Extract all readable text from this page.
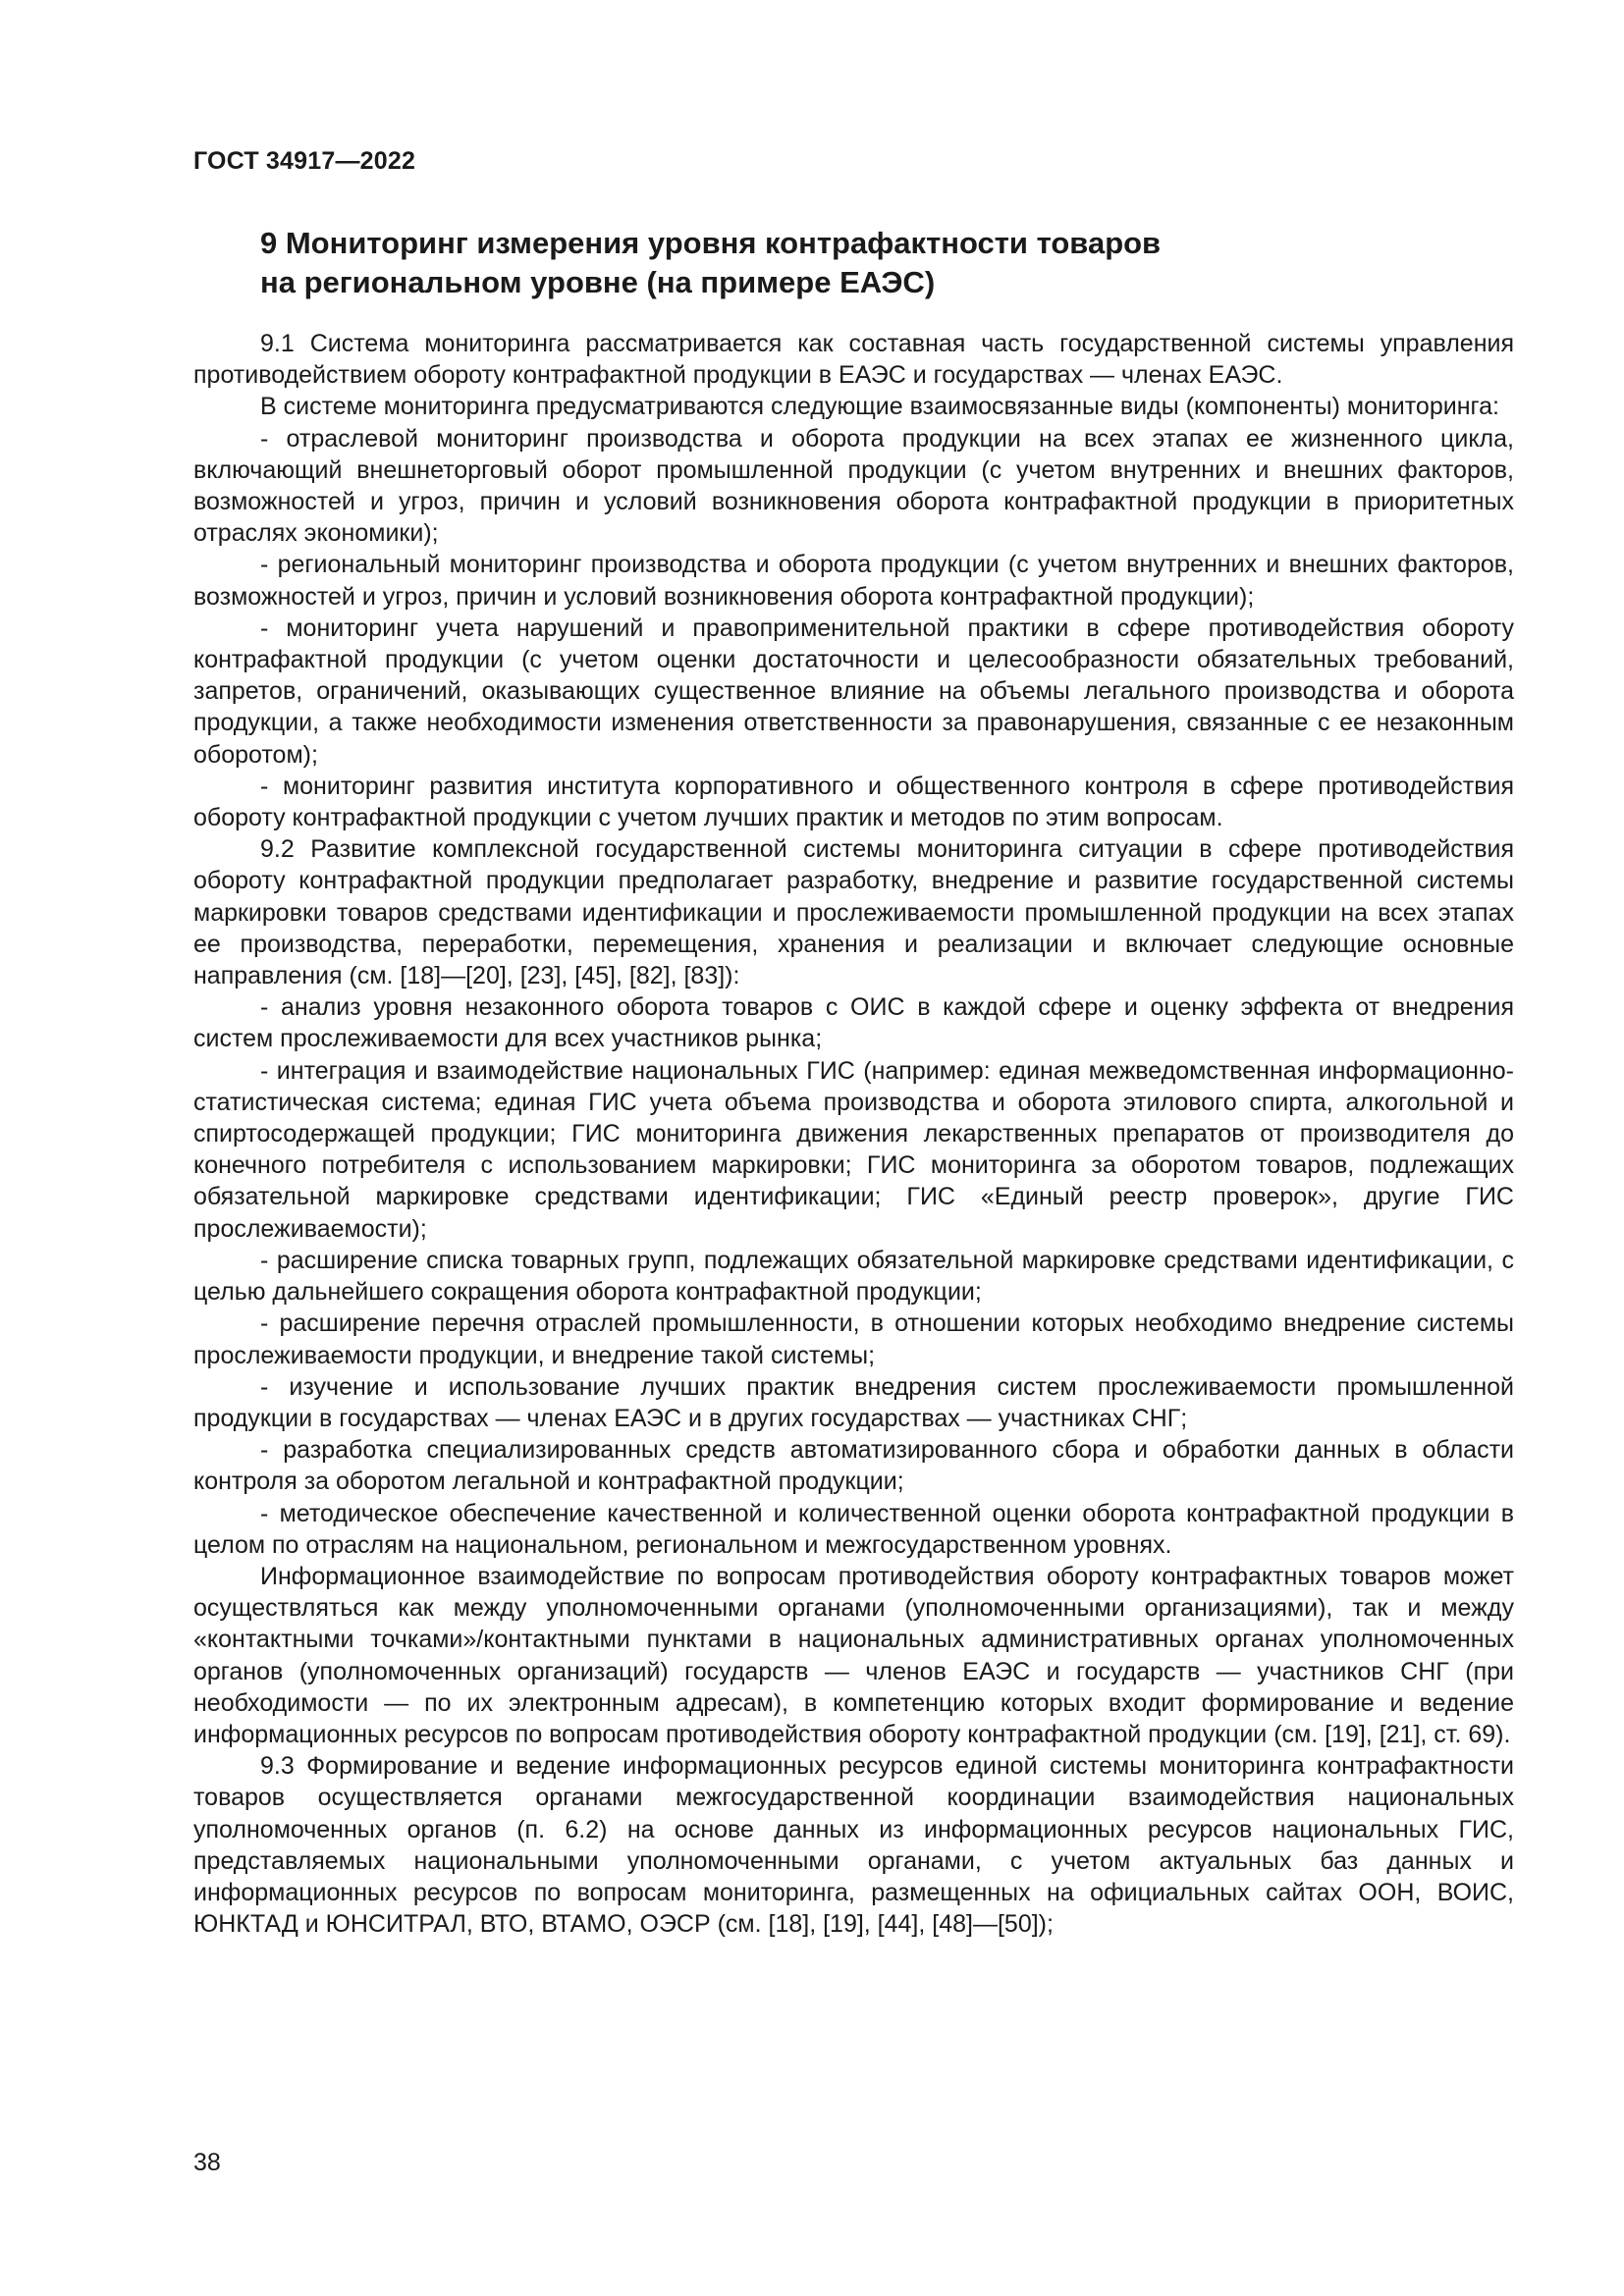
ГОСТ 34917—2022
9 Мониторинг измерения уровня контрафактности товаров
на региональном уровне (на примере ЕАЭС)

9.1 Система мониторинга рассматривается как составная часть государственной системы управления противодействием обороту контрафактной продукции в ЕАЭС и государствах — членах ЕАЭС.

В системе мониторинга предусматриваются следующие взаимосвязанные виды (компоненты) мониторинга:

- отраслевой мониторинг производства и оборота продукции на всех этапах ее жизненного цикла, включающий внешнеторговый оборот промышленной продукции (с учетом внутренних и внешних факторов, возможностей и угроз, причин и условий возникновения оборота контрафактной продукции в приоритетных отраслях экономики);

- региональный мониторинг производства и оборота продукции (с учетом внутренних и внешних факторов, возможностей и угроз, причин и условий возникновения оборота контрафактной продукции);

- мониторинг учета нарушений и правоприменительной практики в сфере противодействия обороту контрафактной продукции (с учетом оценки достаточности и целесообразности обязательных требований, запретов, ограничений, оказывающих существенное влияние на объемы легального производства и оборота продукции, а также необходимости изменения ответственности за правонарушения, связанные с ее незаконным оборотом);

- мониторинг развития института корпоративного и общественного контроля в сфере противодействия обороту контрафактной продукции с учетом лучших практик и методов по этим вопросам.

9.2 Развитие комплексной государственной системы мониторинга ситуации в сфере противодействия обороту контрафактной продукции предполагает разработку, внедрение и развитие государственной системы маркировки товаров средствами идентификации и прослеживаемости промышленной продукции на всех этапах ее производства, переработки, перемещения, хранения и реализации и включает следующие основные направления (см. [18]—[20], [23], [45], [82], [83]):

- анализ уровня незаконного оборота товаров с ОИС в каждой сфере и оценку эффекта от внедрения систем прослеживаемости для всех участников рынка;

- интеграция и взаимодействие национальных ГИС (например: единая межведомственная информационно-статистическая система; единая ГИС учета объема производства и оборота этилового спирта, алкогольной и спиртосодержащей продукции; ГИС мониторинга движения лекарственных препаратов от производителя до конечного потребителя с использованием маркировки; ГИС мониторинга за оборотом товаров, подлежащих обязательной маркировке средствами идентификации; ГИС «Единый реестр проверок», другие ГИС прослеживаемости);

- расширение списка товарных групп, подлежащих обязательной маркировке средствами идентификации, с целью дальнейшего сокращения оборота контрафактной продукции;

- расширение перечня отраслей промышленности, в отношении которых необходимо внедрение системы прослеживаемости продукции, и внедрение такой системы;

- изучение и использование лучших практик внедрения систем прослеживаемости промышленной продукции в государствах — членах ЕАЭС и в других государствах — участниках СНГ;

- разработка специализированных средств автоматизированного сбора и обработки данных в области контроля за оборотом легальной и контрафактной продукции;

- методическое обеспечение качественной и количественной оценки оборота контрафактной продукции в целом по отраслям на национальном, региональном и межгосударственном уровнях.

Информационное взаимодействие по вопросам противодействия обороту контрафактных товаров может осуществляться как между уполномоченными органами (уполномоченными организациями), так и между «контактными точками»/контактными пунктами в национальных административных органах уполномоченных органов (уполномоченных организаций) государств — членов ЕАЭС и государств — участников СНГ (при необходимости — по их электронным адресам), в компетенцию которых входит формирование и ведение информационных ресурсов по вопросам противодействия обороту контрафактной продукции (см. [19], [21], ст. 69).

9.3 Формирование и ведение информационных ресурсов единой системы мониторинга контрафактности товаров осуществляется органами межгосударственной координации взаимодействия национальных уполномоченных органов (п. 6.2) на основе данных из информационных ресурсов национальных ГИС, представляемых национальными уполномоченными органами, с учетом актуальных баз данных и информационных ресурсов по вопросам мониторинга, размещенных на официальных сайтах ООН, ВОИС, ЮНКТАД и ЮНСИТРАЛ, ВТО, ВТАМО, ОЭСР (см. [18], [19], [44], [48]—[50]);

38
